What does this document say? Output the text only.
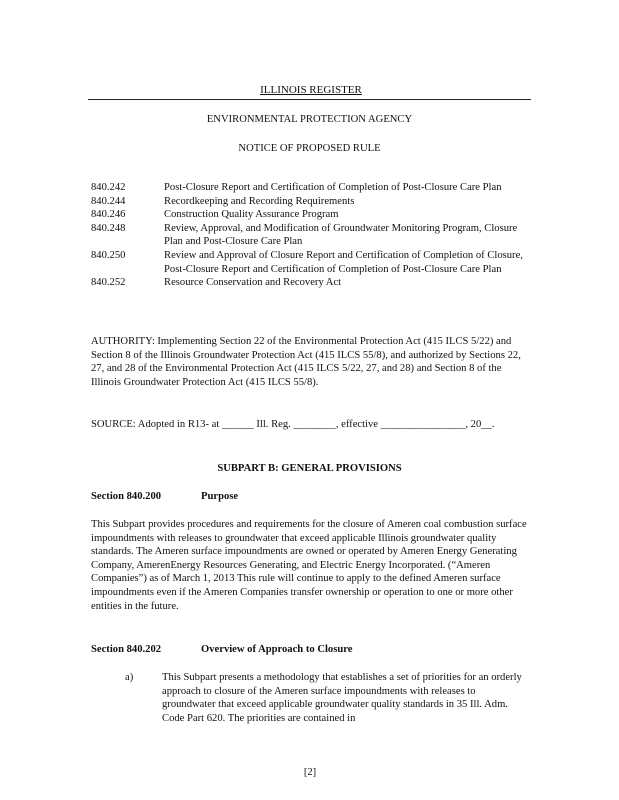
ILLINOIS REGISTER
ENVIRONMENTAL PROTECTION AGENCY
NOTICE OF PROPOSED RULE
840.242	Post-Closure Report and Certification of Completion of Post-Closure Care Plan
840.244	Recordkeeping and Recording Requirements
840.246	Construction Quality Assurance Program
840.248	Review, Approval, and Modification of Groundwater Monitoring Program, Closure Plan and Post-Closure Care Plan
840.250	Review and Approval of Closure Report and Certification of Completion of Closure, Post-Closure Report and Certification of Completion of Post-Closure Care Plan
840.252	Resource Conservation and Recovery Act
AUTHORITY: Implementing Section 22 of the Environmental Protection Act (415 ILCS 5/22) and Section 8 of the Illinois Groundwater Protection Act (415 ILCS 55/8), and authorized by Sections 22, 27, and 28 of the Environmental Protection Act (415 ILCS 5/22, 27, and 28) and Section 8 of the Illinois Groundwater Protection Act (415 ILCS 55/8).
SOURCE: Adopted in R13- at ______ Ill. Reg. ________, effective ________________, 20__.
SUBPART B: GENERAL PROVISIONS
Section 840.200	Purpose
This Subpart provides procedures and requirements for the closure of Ameren coal combustion surface impoundments with releases to groundwater that exceed applicable Illinois groundwater quality standards. The Ameren surface impoundments are owned or operated by Ameren Energy Generating Company, AmerenEnergy Resources Generating, and Electric Energy Incorporated. (“Ameren Companies”) as of March 1, 2013 This rule will continue to apply to the defined Ameren surface impoundments even if the Ameren Companies transfer ownership or operation to one or more other entities in the future.
Section 840.202	Overview of Approach to Closure
a)	This Subpart presents a methodology that establishes a set of priorities for an orderly approach to closure of the Ameren surface impoundments with releases to groundwater that exceed applicable groundwater quality standards in 35 Ill. Adm. Code Part 620. The priorities are contained in
[2]
